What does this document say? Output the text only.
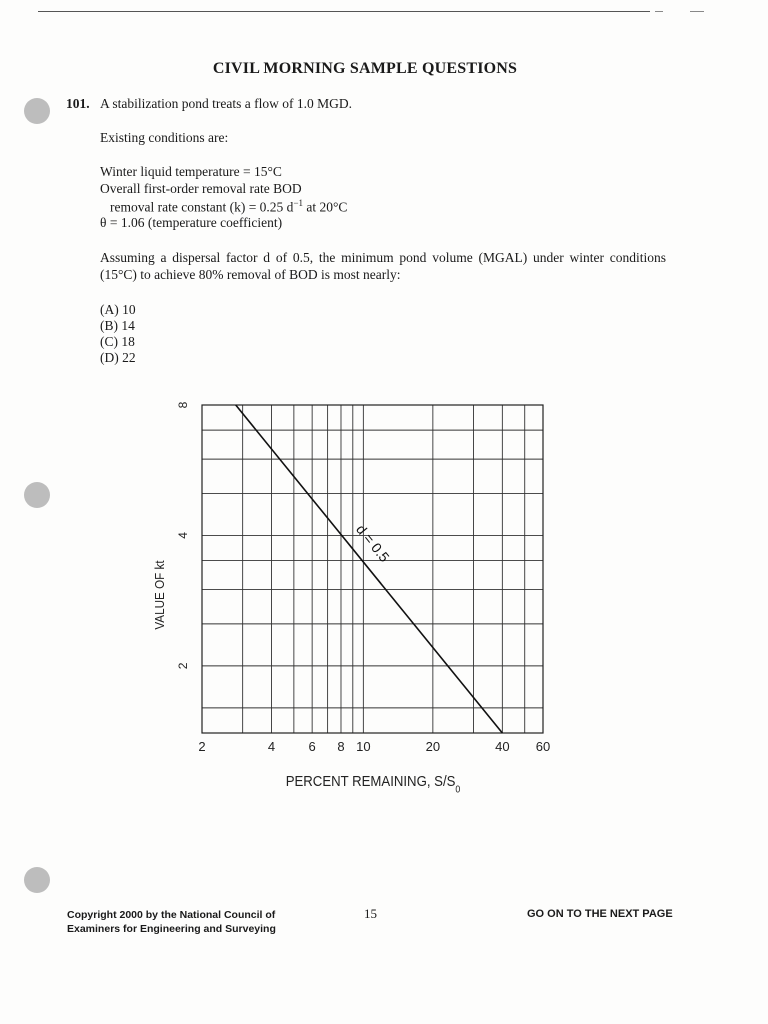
CIVIL MORNING SAMPLE QUESTIONS
101. A stabilization pond treats a flow of 1.0 MGD.
Existing conditions are:
Winter liquid temperature = 15°C
Overall first-order removal rate BOD
removal rate constant (k) = 0.25 $d^{-1}$ at 20°C
θ = 1.06 (temperature coefficient)
Assuming a dispersal factor d of 0.5, the minimum pond volume (MGAL) under winter conditions (15°C) to achieve 80% removal of BOD is most nearly:
(A) 10
(B) 14
(C) 18
(D) 22
d = 0.5
2	4	6 8 10	20	40 60
8
4
2
PERCENT REMAINING, $S/S_0$
VALUE OF kt
Copyright 2000 by the National Council of
Examiners for Engineering and Surveying
15	GO ON TO THE NEXT PAGE
